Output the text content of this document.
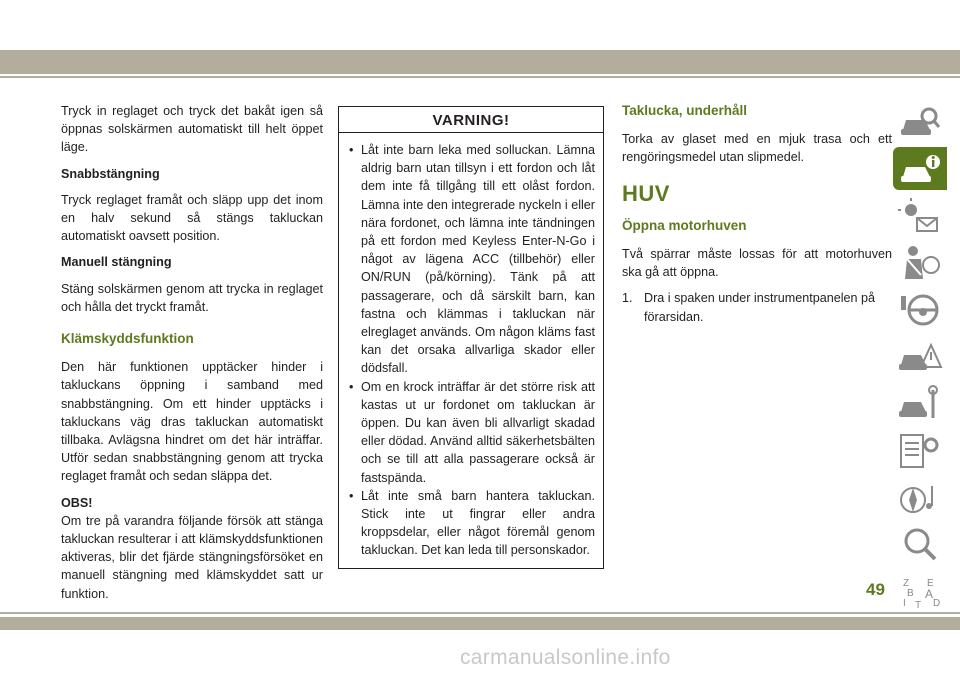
Tryck in reglaget och tryck det bakåt igen så öppnas solskärmen automatiskt till helt öppet läge.

Snabbstängning

Tryck reglaget framåt och släpp upp det inom en halv sekund så stängs takluckan automatiskt oavsett position.

Manuell stängning

Stäng solskärmen genom att trycka in reglaget och hålla det tryckt framåt.

Klämskyddsfunktion

Den här funktionen upptäcker hinder i takluckans öppning i samband med snabbstängning. Om ett hinder upptäcks i takluckans väg dras takluckan automatiskt tillbaka. Avlägsna hindret om det här inträffar. Utför sedan snabbstängning genom att trycka reglaget framåt och sedan släppa det.

OBS!

Om tre på varandra följande försök att stänga takluckan resulterar i att klämskyddsfunktionen aktiveras, blir det fjärde stängningsförsöket en manuell stängning med klämskyddet satt ur funktion.

VARNING!
• Låt inte barn leka med solluckan. Lämna aldrig barn utan tillsyn i ett fordon och låt dem inte få tillgång till ett olåst fordon. Lämna inte den integrerade nyckeln i eller nära fordonet, och lämna inte tändningen på ett fordon med Keyless Enter-N-Go i något av lägena ACC (tillbehör) eller ON/RUN (på/körning). Tänk på att passagerare, och då särskilt barn, kan fastna och klämmas i takluckan när elreglaget används. Om någon kläms fast kan det orsaka allvarliga skador eller dödsfall.
• Om en krock inträffar är det större risk att kastas ut ur fordonet om takluckan är öppen. Du kan även bli allvarligt skadad eller dödad. Använd alltid säkerhetsbälten och se till att alla passagerare också är fastspända.
• Låt inte små barn hantera takluckan. Stick inte ut fingrar eller andra kroppsdelar, eller något föremål genom takluckan. Det kan leda till personskador.
Taklucka, underhåll

Torka av glaset med en mjuk trasa och ett rengöringsmedel utan slipmedel.

HUV
Öppna motorhuven

Två spärrar måste lossas för att motorhuven ska gå att öppna.

1. Dra i spaken under instrumentpanelen på förarsidan.
Z E
B A
I T D
49
carmanualsonline.info
